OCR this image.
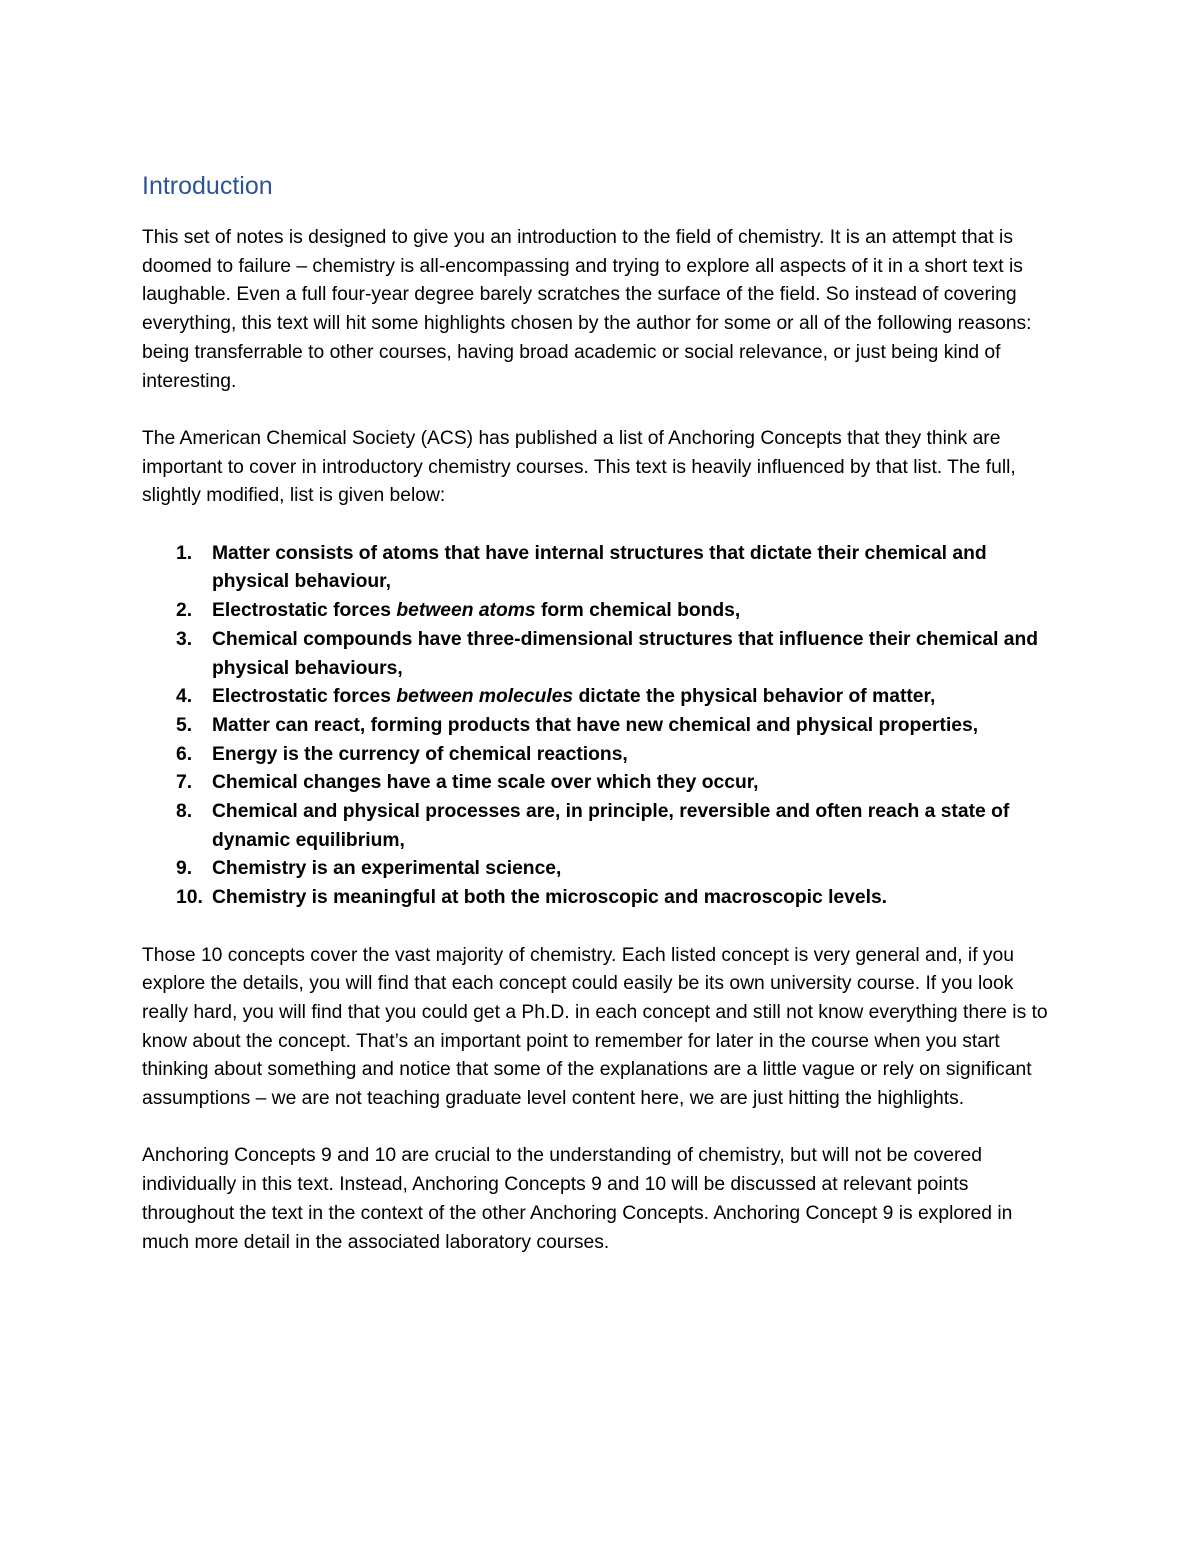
Introduction

This set of notes is designed to give you an introduction to the field of chemistry. It is an attempt that is doomed to failure – chemistry is all-encompassing and trying to explore all aspects of it in a short text is laughable. Even a full four-year degree barely scratches the surface of the field. So instead of covering everything, this text will hit some highlights chosen by the author for some or all of the following reasons: being transferrable to other courses, having broad academic or social relevance, or just being kind of interesting.

The American Chemical Society (ACS) has published a list of Anchoring Concepts that they think are important to cover in introductory chemistry courses. This text is heavily influenced by that list. The full, slightly modified, list is given below:

1. Matter consists of atoms that have internal structures that dictate their chemical and physical behaviour,
2. Electrostatic forces between atoms form chemical bonds,
3. Chemical compounds have three-dimensional structures that influence their chemical and physical behaviours,
4. Electrostatic forces between molecules dictate the physical behavior of matter,
5. Matter can react, forming products that have new chemical and physical properties,
6. Energy is the currency of chemical reactions,
7. Chemical changes have a time scale over which they occur,
8. Chemical and physical processes are, in principle, reversible and often reach a state of dynamic equilibrium,
9. Chemistry is an experimental science,
10. Chemistry is meaningful at both the microscopic and macroscopic levels.

Those 10 concepts cover the vast majority of chemistry. Each listed concept is very general and, if you explore the details, you will find that each concept could easily be its own university course. If you look really hard, you will find that you could get a Ph.D. in each concept and still not know everything there is to know about the concept. That’s an important point to remember for later in the course when you start thinking about something and notice that some of the explanations are a little vague or rely on significant assumptions – we are not teaching graduate level content here, we are just hitting the highlights.

Anchoring Concepts 9 and 10 are crucial to the understanding of chemistry, but will not be covered individually in this text. Instead, Anchoring Concepts 9 and 10 will be discussed at relevant points throughout the text in the context of the other Anchoring Concepts. Anchoring Concept 9 is explored in much more detail in the associated laboratory courses.
